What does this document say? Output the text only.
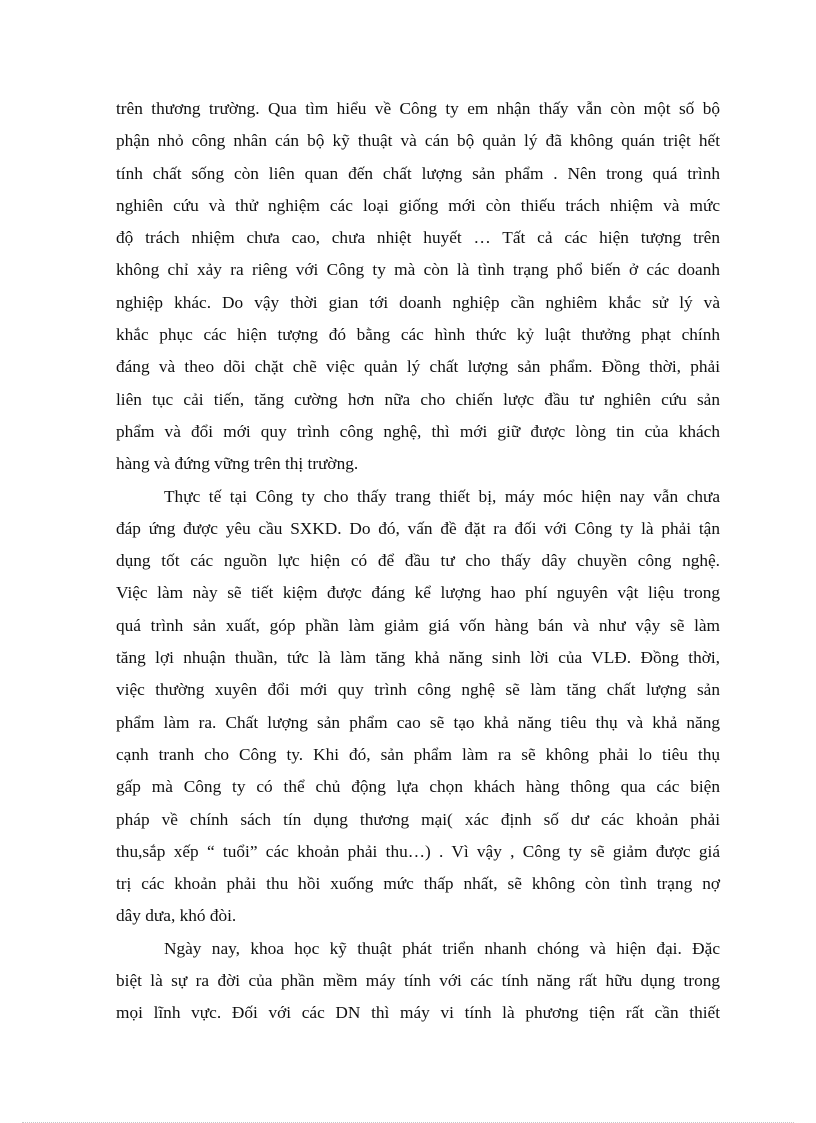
trên thương trường. Qua tìm hiểu về Công ty em nhận thấy vẫn còn một số bộ
phận nhỏ công nhân cán bộ kỹ thuật và cán bộ quản lý đã không quán triệt hết
tính chất sống còn liên quan đến chất lượng sản phẩm . Nên trong quá trình
nghiên cứu và thử nghiệm các loại giống mới còn thiếu trách nhiệm và mức
độ trách nhiệm chưa cao, chưa nhiệt huyết … Tất cả các hiện tượng trên
không chỉ xảy ra riêng với Công ty mà còn là tình trạng phổ biến ở các doanh
nghiệp khác. Do vậy thời gian tới doanh nghiệp cần nghiêm khắc sử lý và
khắc phục các hiện tượng đó bằng các hình thức kỷ luật thưởng phạt chính
đáng và theo dõi chặt chẽ việc quản lý chất lượng sản phẩm. Đồng thời, phải
liên tục cải tiến, tăng cường hơn nữa cho chiến lược đầu tư nghiên cứu sản
phẩm và đổi mới quy trình công nghệ, thì mới giữ được lòng tin của khách
hàng và đứng vững trên thị trường.
Thực tế tại Công ty cho thấy trang thiết bị, máy móc hiện nay vẫn chưa
đáp ứng được yêu cầu SXKD. Do đó, vấn đề đặt ra đối với Công ty là phải tận
dụng tốt các nguồn lực hiện có để đầu tư cho thấy dây chuyền công nghệ.
Việc làm này sẽ tiết kiệm được đáng kể lượng hao phí nguyên vật liệu trong
quá trình sản xuất, góp phần làm giảm giá vốn hàng bán và như vậy sẽ làm
tăng lợi nhuận thuần, tức là làm tăng khả năng sinh lời của VLĐ. Đồng thời,
việc thường xuyên đổi mới quy trình công nghệ sẽ làm tăng chất lượng sản
phẩm làm ra. Chất lượng sản phẩm cao sẽ tạo khả năng tiêu thụ và khả năng
cạnh tranh cho Công ty. Khi đó, sản phẩm làm ra sẽ không phải lo tiêu thụ
gấp mà Công ty có thể chủ động lựa chọn khách hàng thông qua các biện
pháp về chính sách tín dụng thương mại( xác định số dư các khoản phải
thu,sắp xếp “ tuổi” các khoản phải thu…) . Vì vậy , Công ty sẽ giảm được giá
trị các khoản phải thu hồi xuống mức thấp nhất, sẽ không còn tình trạng nợ
dây dưa, khó đòi.
Ngày nay, khoa học kỹ thuật phát triển nhanh chóng và hiện đại. Đặc
biệt là sự ra đời của phần mềm máy tính với các tính năng rất hữu dụng trong
mọi lĩnh vực. Đối với các DN thì máy vi tính là phương tiện rất cần thiết
